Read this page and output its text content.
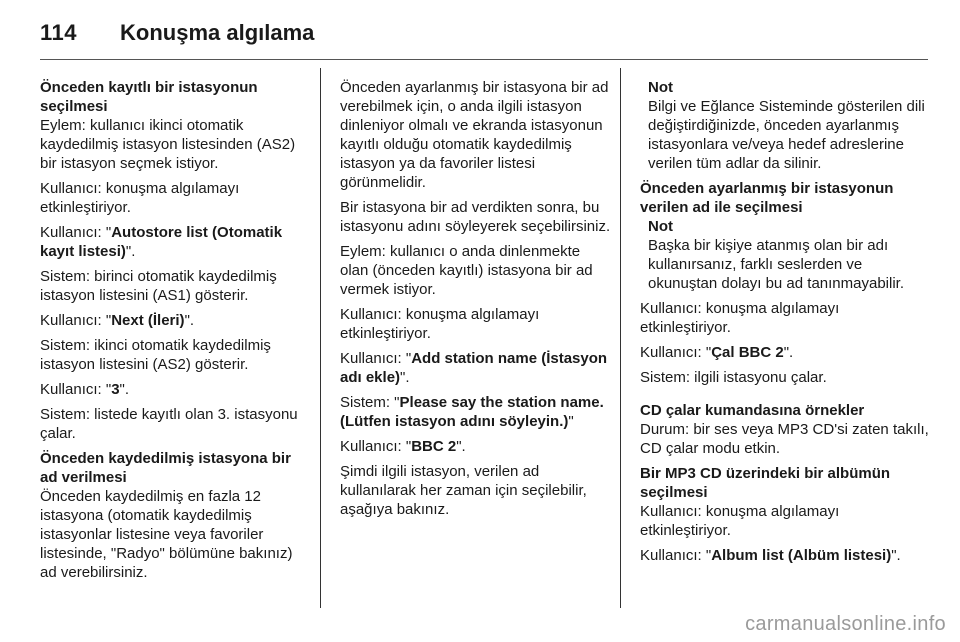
114 Konuşma algılama

Önceden kayıtlı bir istasyonun seçilmesi

Eylem: kullanıcı ikinci otomatik kaydedilmiş istasyon listesinden (AS2) bir istasyon seçmek istiyor.

Kullanıcı: konuşma algılamayı etkinleştiriyor.

Kullanıcı: "Autostore list (Otomatik kayıt listesi)".

Sistem: birinci otomatik kaydedilmiş istasyon listesini (AS1) gösterir.

Kullanıcı: "Next (İleri)".

Sistem: ikinci otomatik kaydedilmiş istasyon listesini (AS2) gösterir.

Kullanıcı: "3".

Sistem: listede kayıtlı olan 3. istasyonu çalar.

Önceden kaydedilmiş istasyona bir ad verilmesi

Önceden kaydedilmiş en fazla 12 istasyona (otomatik kaydedilmiş istasyonlar listesine veya favoriler listesinde, "Radyo" bölümüne bakınız) ad verebilirsiniz.

Önceden ayarlanmış bir istasyona bir ad verebilmek için, o anda ilgili istasyon dinleniyor olmalı ve ekranda istasyonun kayıtlı olduğu otomatik kaydedilmiş istasyon ya da favoriler listesi görünmelidir.

Bir istasyona bir ad verdikten sonra, bu istasyonu adını söyleyerek seçebilirsiniz.

Eylem: kullanıcı o anda dinlenmekte olan (önceden kayıtlı) istasyona bir ad vermek istiyor.

Kullanıcı: konuşma algılamayı etkinleştiriyor.

Kullanıcı: "Add station name (İstasyon adı ekle)".

Sistem: "Please say the station name. (Lütfen istasyon adını söyleyin.)"

Kullanıcı: "BBC 2".

Şimdi ilgili istasyon, verilen ad kullanılarak her zaman için seçilebilir, aşağıya bakınız.

Not
Bilgi ve Eğlance Sisteminde gösterilen dili değiştirdiğinizde, önceden ayarlanmış istasyonlara ve/veya hedef adreslerine verilen tüm adlar da silinir.

Önceden ayarlanmış bir istasyonun verilen ad ile seçilmesi

Not
Başka bir kişiye atanmış olan bir adı kullanırsanız, farklı seslerden ve okunuştan dolayı bu ad tanınmayabilir.

Kullanıcı: konuşma algılamayı etkinleştiriyor.

Kullanıcı: "Çal BBC 2".

Sistem: ilgili istasyonu çalar.

CD çalar kumandasına örnekler

Durum: bir ses veya MP3 CD'si zaten takılı, CD çalar modu etkin.

Bir MP3 CD üzerindeki bir albümün seçilmesi

Kullanıcı: konuşma algılamayı etkinleştiriyor.

Kullanıcı: "Album list (Albüm listesi)".

carmanualsonline.info
